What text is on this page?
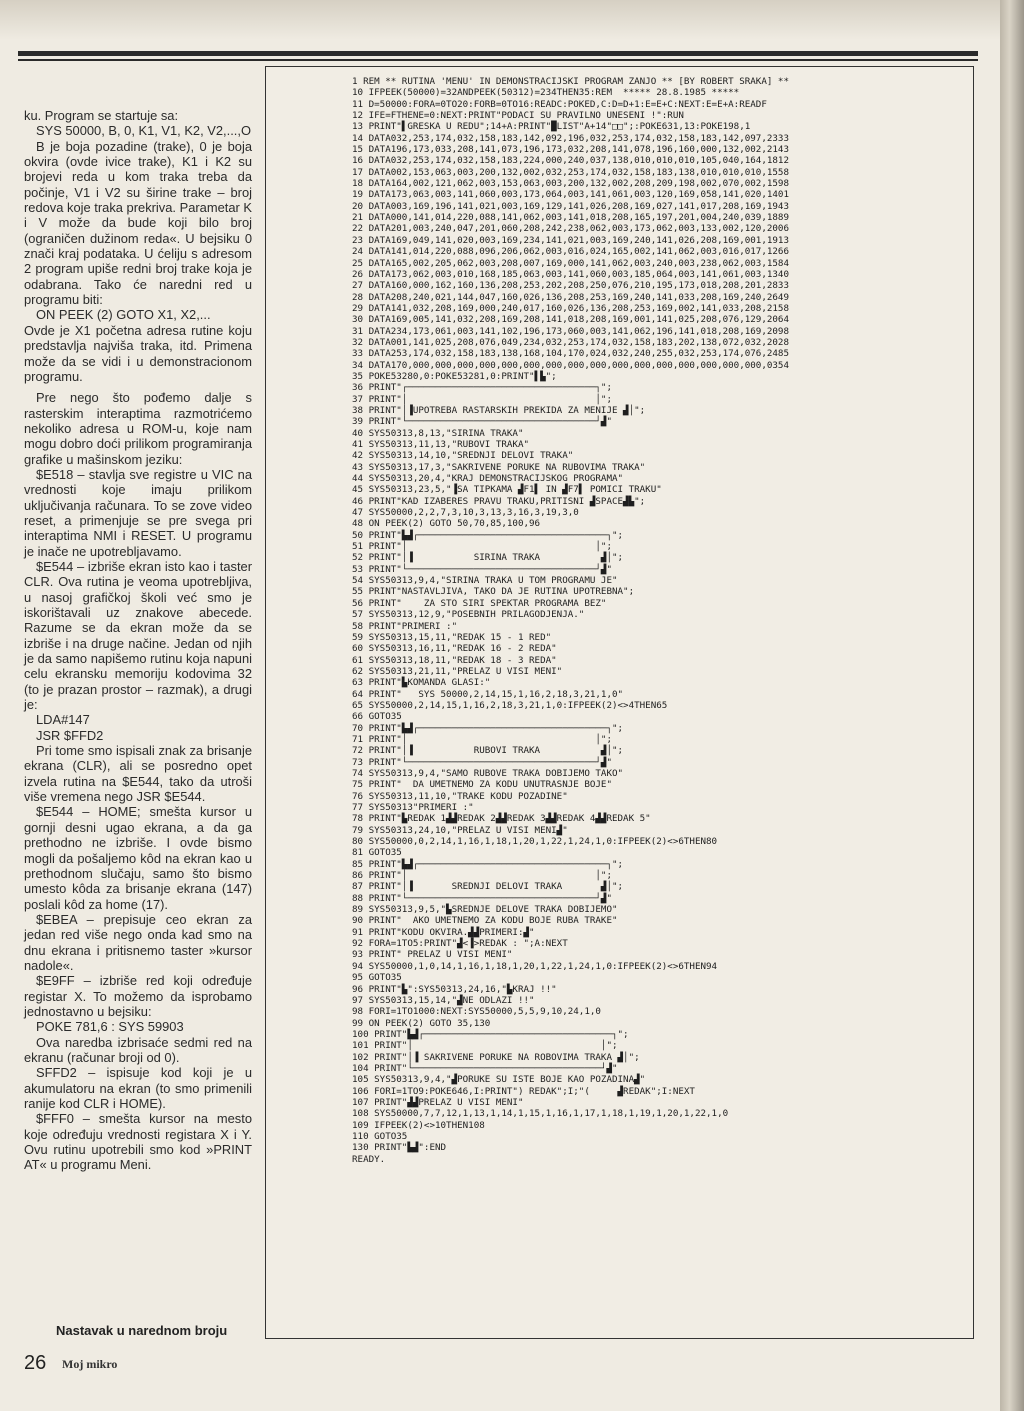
ku. Program se startuje sa:

SYS 50000, B, 0, K1, V1, K2, V2,...,O

B je boja pozadine (trake), 0 je boja okvira (ovde ivice trake), K1 i K2 su brojevi reda u kom traka treba da počinje, V1 i V2 su širine trake – broj redova koje traka prekriva. Parametar K i V može da bude koji bilo broj (ograničen dužinom reda«. U bejsiku 0 znači kraj podataka. U ćeliju s adresom 2 program upiše redni broj trake koja je odabrana. Tako će naredni red u programu biti:

ON PEEK (2) GOTO X1, X2,...

Ovde je X1 početna adresa rutine koju predstavlja najviša traka, itd. Primena može da se vidi i u demonstracionom programu.

Pre nego što pođemo dalje s rasterskim interaptima razmotrićemo nekoliko adresa u ROM-u, koje nam mogu dobro doći prilikom programiranja grafike u mašinskom jeziku:

$E518 – stavlja sve registre u VIC na vrednosti koje imaju prilikom uključivanja računara. To se zove video reset, a primenjuje se pre svega pri interaptima NMI i RESET. U programu je inače ne upotrebljavamo.

$E544 – izbriše ekran isto kao i taster CLR. Ova rutina je veoma upotrebljiva, u nasoj grafičkoj školi već smo je iskorištavali uz znakove abecede. Razume se da ekran može da se izbriše i na druge načine. Jedan od njih je da samo napišemo rutinu koja napuni celu ekransku memoriju kodovima 32 (to je prazan prostor – razmak), a drugi je:

LDA#147

JSR $FFD2

Pri tome smo ispisali znak za brisanje ekrana (CLR), ali se posredno opet izvela rutina na $E544, tako da utroši više vremena nego JSR $E544.

$E544 – HOME; smešta kursor u gornji desni ugao ekrana, a da ga prethodno ne izbriše. I ovde bismo mogli da pošaljemo kôd na ekran kao u prethodnom slučaju, samo što bismo umesto kôda za brisanje ekrana (147) poslali kôd za home (17).

$EBEA – prepisuje ceo ekran za jedan red više nego onda kad smo na dnu ekrana i pritisnemo taster »kursor nadole«.

$E9FF – izbriše red koji određuje registar X. To možemo da isprobamo jednostavno u bejsiku:

POKE 781,6 : SYS 59903

Ova naredba izbrisaće sedmi red na ekranu (računar broji od 0).

SFFD2 – ispisuje kod koji je u akumulatoru na ekran (to smo primenili ranije kod CLR i HOME).

$FFF0 – smešta kursor na mesto koje određuju vrednosti registara X i Y. Ovu rutinu upotrebili smo kod »PRINT AT« u programu Meni.

Nastavak u narednom broju
26 Moj mikro
1 REM ** RUTINA 'MENU' IN DEMONSTRACIJSKI PROGRAM ZANJO ** [BY ROBERT SRAKA] **
10 IFPEEK(50000)=32ANDPEEK(50312)=234THEN35:REM  ***** 28.8.1985 *****
11 D=50000:FORA=0TO20:FORB=0TO16:READC:POKED,C:D=D+1:E=E+C:NEXT:E=E+A:READF
12 IFE=FTHENE=0:NEXT:PRINT"PODACI SU PRAVILNO UNESENI !":RUN
13 PRINT"▌GRESKA U REDU";14+A:PRINT"█LIST"A+14"□□";:POKE631,13:POKE198,1
14 DATA032,253,174,032,158,183,142,092,196,032,253,174,032,158,183,142,097,2333
15 DATA196,173,033,208,141,073,196,173,032,208,141,078,196,160,000,132,002,2143
16 DATA032,253,174,032,158,183,224,000,240,037,138,010,010,010,105,040,164,1812
17 DATA002,153,063,003,200,132,002,032,253,174,032,158,183,138,010,010,010,1558
18 DATA164,002,121,062,003,153,063,003,200,132,002,208,209,198,002,070,002,1598
19 DATA173,063,003,141,060,003,173,064,003,141,061,003,120,169,058,141,020,1401
20 DATA003,169,196,141,021,003,169,129,141,026,208,169,027,141,017,208,169,1943
21 DATA000,141,014,220,088,141,062,003,141,018,208,165,197,201,004,240,039,1889
22 DATA201,003,240,047,201,060,208,242,238,062,003,173,062,003,133,002,120,2006
23 DATA169,049,141,020,003,169,234,141,021,003,169,240,141,026,208,169,001,1913
24 DATA141,014,220,088,096,206,062,003,016,024,165,002,141,062,003,016,017,1266
25 DATA165,002,205,062,003,208,007,169,000,141,062,003,240,003,238,062,003,1584
26 DATA173,062,003,010,168,185,063,003,141,060,003,185,064,003,141,061,003,1340
27 DATA160,000,162,160,136,208,253,202,208,250,076,210,195,173,018,208,201,2833
28 DATA208,240,021,144,047,160,026,136,208,253,169,240,141,033,208,169,240,2649
29 DATA141,032,208,169,000,240,017,160,026,136,208,253,169,002,141,033,208,2158
30 DATA169,005,141,032,208,169,208,141,018,208,169,001,141,025,208,076,129,2064
31 DATA234,173,061,003,141,102,196,173,060,003,141,062,196,141,018,208,169,2098
32 DATA001,141,025,208,076,049,234,032,253,174,032,158,183,202,138,072,032,2028
33 DATA253,174,032,158,183,138,168,104,170,024,032,240,255,032,253,174,076,2485
34 DATA170,000,000,000,000,000,000,000,000,000,000,000,000,000,000,000,000,0354
35 POKE53280,0:POKE53281,0:PRINT"▌▙";
36 PRINT"┌──────────────────────────────────┐";
37 PRINT"│                                  │";
38 PRINT"│▐UPOTREBA RASTARSKIH PREKIDA ZA MENIJE ▟│";
39 PRINT"└──────────────────────────────────┘▟"
40 SYS50313,8,13,"SIRINA TRAKA"
41 SYS50313,11,13,"RUBOVI TRAKA"
42 SYS50313,14,10,"SREDNJI DELOVI TRAKA"
43 SYS50313,17,3,"SAKRIVENE PORUKE NA RUBOVIMA TRAKA"
44 SYS50313,20,4,"KRAJ DEMONSTRACIJSKOG PROGRAMA"
45 SYS50313,23,5,"▐SA TIPKAMA ▟F1▌ IN ▟F7▌ POMICI TRAKU"
46 PRINT"KAD IZABERES PRAVU TRAKU,PRITISNI ▟SPACE▟▙";
47 SYS50000,2,2,7,3,10,3,13,3,16,3,19,3,0
48 ON PEEK(2) GOTO 50,70,85,100,96
50 PRINT"▙▟┌──────────────────────────────────┐";
51 PRINT"│                                  │";
52 PRINT"│▐           SIRINA TRAKA           ▟│";
53 PRINT"└──────────────────────────────────┘▟"
54 SYS50313,9,4,"SIRINA TRAKA U TOM PROGRAMU JE"
55 PRINT"NASTAVLJIVA, TAKO DA JE RUTINA UPOTREBNA";
56 PRINT"    ZA STO SIRI SPEKTAR PROGRAMA BEZ"
57 SYS50313,12,9,"POSEBNIH PRILAGODJENJA."
58 PRINT"PRIMERI :"
59 SYS50313,15,11,"REDAK 15 - 1 RED"
60 SYS50313,16,11,"REDAK 16 - 2 REDA"
61 SYS50313,18,11,"REDAK 18 - 3 REDA"
62 SYS50313,21,11,"PRELAZ U VISI MENI"
63 PRINT"▙KOMANDA GLASI:"
64 PRINT"   SYS 50000,2,14,15,1,16,2,18,3,21,1,0"
65 SYS50000,2,14,15,1,16,2,18,3,21,1,0:IFPEEK(2)<>4THEN65
66 GOTO35
70 PRINT"▙▟┌──────────────────────────────────┐";
71 PRINT"│                                  │";
72 PRINT"│▐           RUBOVI TRAKA           ▟│";
73 PRINT"└──────────────────────────────────┘▟"
74 SYS50313,9,4,"SAMO RUBOVE TRAKA DOBIJEMO TAKO"
75 PRINT"  DA UMETNEMO ZA KODU UNUTRASNJE BOJE"
76 SYS50313,11,10,"TRAKE KODU POZADINE"
77 SYS50313"PRIMERI :"
78 PRINT"▙REDAK 1▟▟REDAK 2▟▟REDAK 3▟▟REDAK 4▟▟REDAK 5"
79 SYS50313,24,10,"PRELAZ U VISI MENI▟"
80 SYS50000,0,2,14,1,16,1,18,1,20,1,22,1,24,1,0:IFPEEK(2)<>6THEN80
81 GOTO35
85 PRINT"▙▟┌──────────────────────────────────┐";
86 PRINT"│                                  │";
87 PRINT"│▐       SREDNJI DELOVI TRAKA       ▟│";
88 PRINT"└──────────────────────────────────┘▟"
89 SYS50313,9,5,"▙SREDNJE DELOVE TRAKA DOBIJEMO"
90 PRINT"  AKO UMETNEMO ZA KODU BOJE RUBA TRAKE"
91 PRINT"KODU OKVIRA.▟▟PRIMERI:▟"
92 FORA=1TO5:PRINT"▟<▐>REDAK : ";A:NEXT
93 PRINT" PRELAZ U VISI MENI"
94 SYS50000,1,0,14,1,16,1,18,1,20,1,22,1,24,1,0:IFPEEK(2)<>6THEN94
95 GOTO35
96 PRINT"▙":SYS50313,24,16,"▙KRAJ !!"
97 SYS50313,15,14,"▟NE ODLAZI !!"
98 FORI=1TO1000:NEXT:SYS50000,5,5,9,10,24,1,0
99 ON PEEK(2) GOTO 35,130
100 PRINT"▙▟┌──────────────────────────────────┐";
101 PRINT"│                                  │";
102 PRINT"│▐ SAKRIVENE PORUKE NA ROBOVIMA TRAKA ▟│";
104 PRINT"└──────────────────────────────────┘▟"
105 SYS50313,9,4,"▟PORUKE SU ISTE BOJE KAO POZADINA▟"
106 FORI=1TO9:POKE646,I:PRINT") REDAK";I;"(     ▟REDAK";I:NEXT
107 PRINT"▟▟PRELAZ U VISI MENI"
108 SYS50000,7,7,12,1,13,1,14,1,15,1,16,1,17,1,18,1,19,1,20,1,22,1,0
109 IFPEEK(2)<>10THEN108
110 GOTO35
130 PRINT"▙▟":END
READY.
